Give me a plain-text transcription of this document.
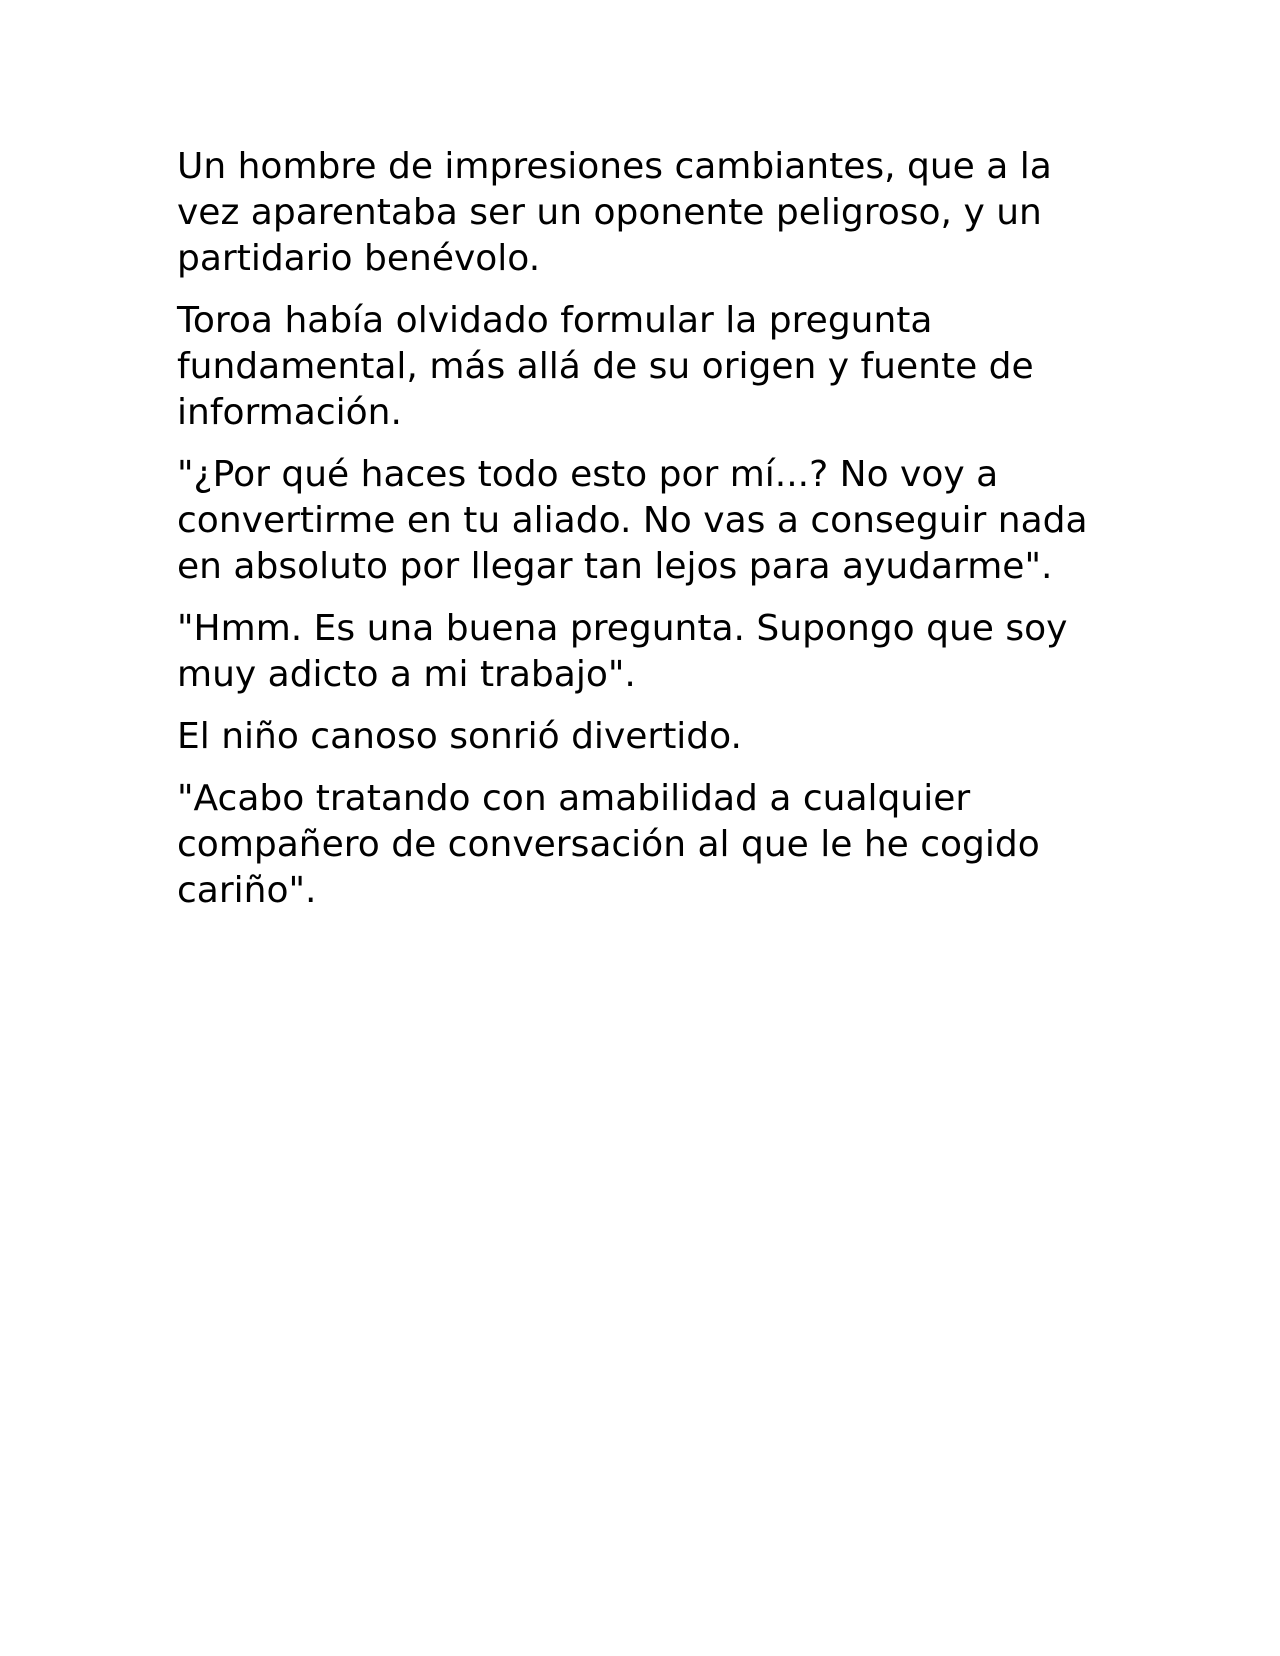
Un hombre de impresiones cambiantes, que a la vez aparentaba ser un oponente peligroso, y un partidario benévolo.

Toroa había olvidado formular la pregunta fundamental, más allá de su origen y fuente de información.

"¿Por qué haces todo esto por mí...? No voy a convertirme en tu aliado. No vas a conseguir nada en absoluto por llegar tan lejos para ayudarme".

"Hmm. Es una buena pregunta. Supongo que soy muy adicto a mi trabajo".

El niño canoso sonrió divertido.

"Acabo tratando con amabilidad a cualquier compañero de conversación al que le he cogido cariño".
